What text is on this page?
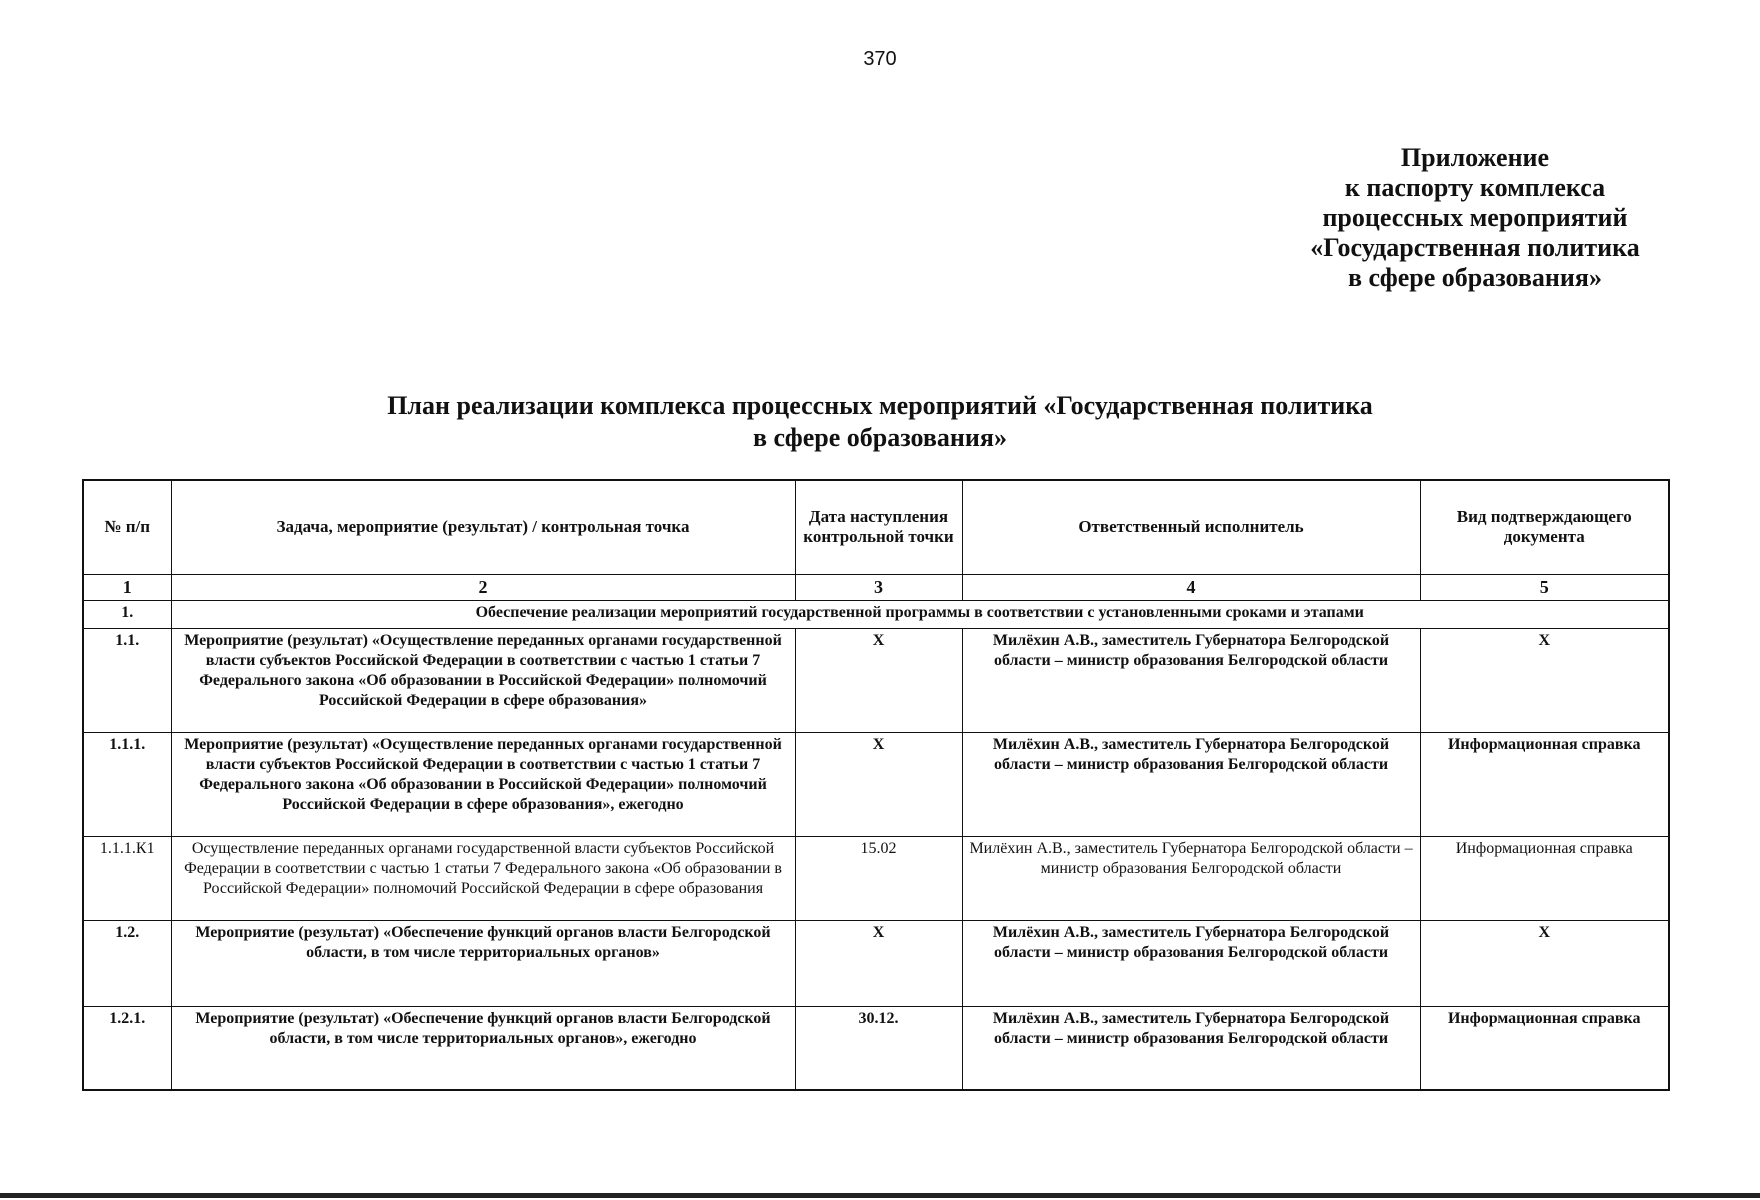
370
Приложение
к паспорту комплекса
процессных мероприятий
«Государственная политика
в сфере образования»
План реализации комплекса процессных мероприятий «Государственная политика
в сфере образования»
№ п/п	Задача, мероприятие (результат) / контрольная точка	Дата наступления контрольной точки	Ответственный исполнитель	Вид подтверждающего документа
1	2	3	4	5
1.	Обеспечение реализации мероприятий государственной программы в соответствии с установленными сроками и этапами			
1.1.	Мероприятие (результат) «Осуществление переданных органами государственной власти субъектов Российской Федерации в соответствии с частью 1 статьи 7 Федерального закона «Об образовании в Российской Федерации» полномочий Российской Федерации в сфере образования»	X	Милёхин А.В., заместитель Губернатора Белгородской области – министр образования Белгородской области	X
1.1.1.	Мероприятие (результат) «Осуществление переданных органами государственной власти субъектов Российской Федерации в соответствии с частью 1 статьи 7 Федерального закона «Об образовании в Российской Федерации» полномочий Российской Федерации в сфере образования», ежегодно	X	Милёхин А.В., заместитель Губернатора Белгородской области – министр образования Белгородской области	Информационная справка
1.1.1.К1	Осуществление переданных органами государственной власти субъектов Российской Федерации в соответствии с частью 1 статьи 7 Федерального закона «Об образовании в Российской Федерации» полномочий Российской Федерации в сфере образования	15.02	Милёхин А.В., заместитель Губернатора Белгородской области – министр образования Белгородской области	Информационная справка
1.2.	Мероприятие (результат) «Обеспечение функций органов власти Белгородской области, в том числе территориальных органов»	X	Милёхин А.В., заместитель Губернатора Белгородской области – министр образования Белгородской области	X
1.2.1.	Мероприятие (результат) «Обеспечение функций органов власти Белгородской области, в том числе территориальных органов», ежегодно	30.12.	Милёхин А.В., заместитель Губернатора Белгородской области – министр образования Белгородской области	Информационная справка
